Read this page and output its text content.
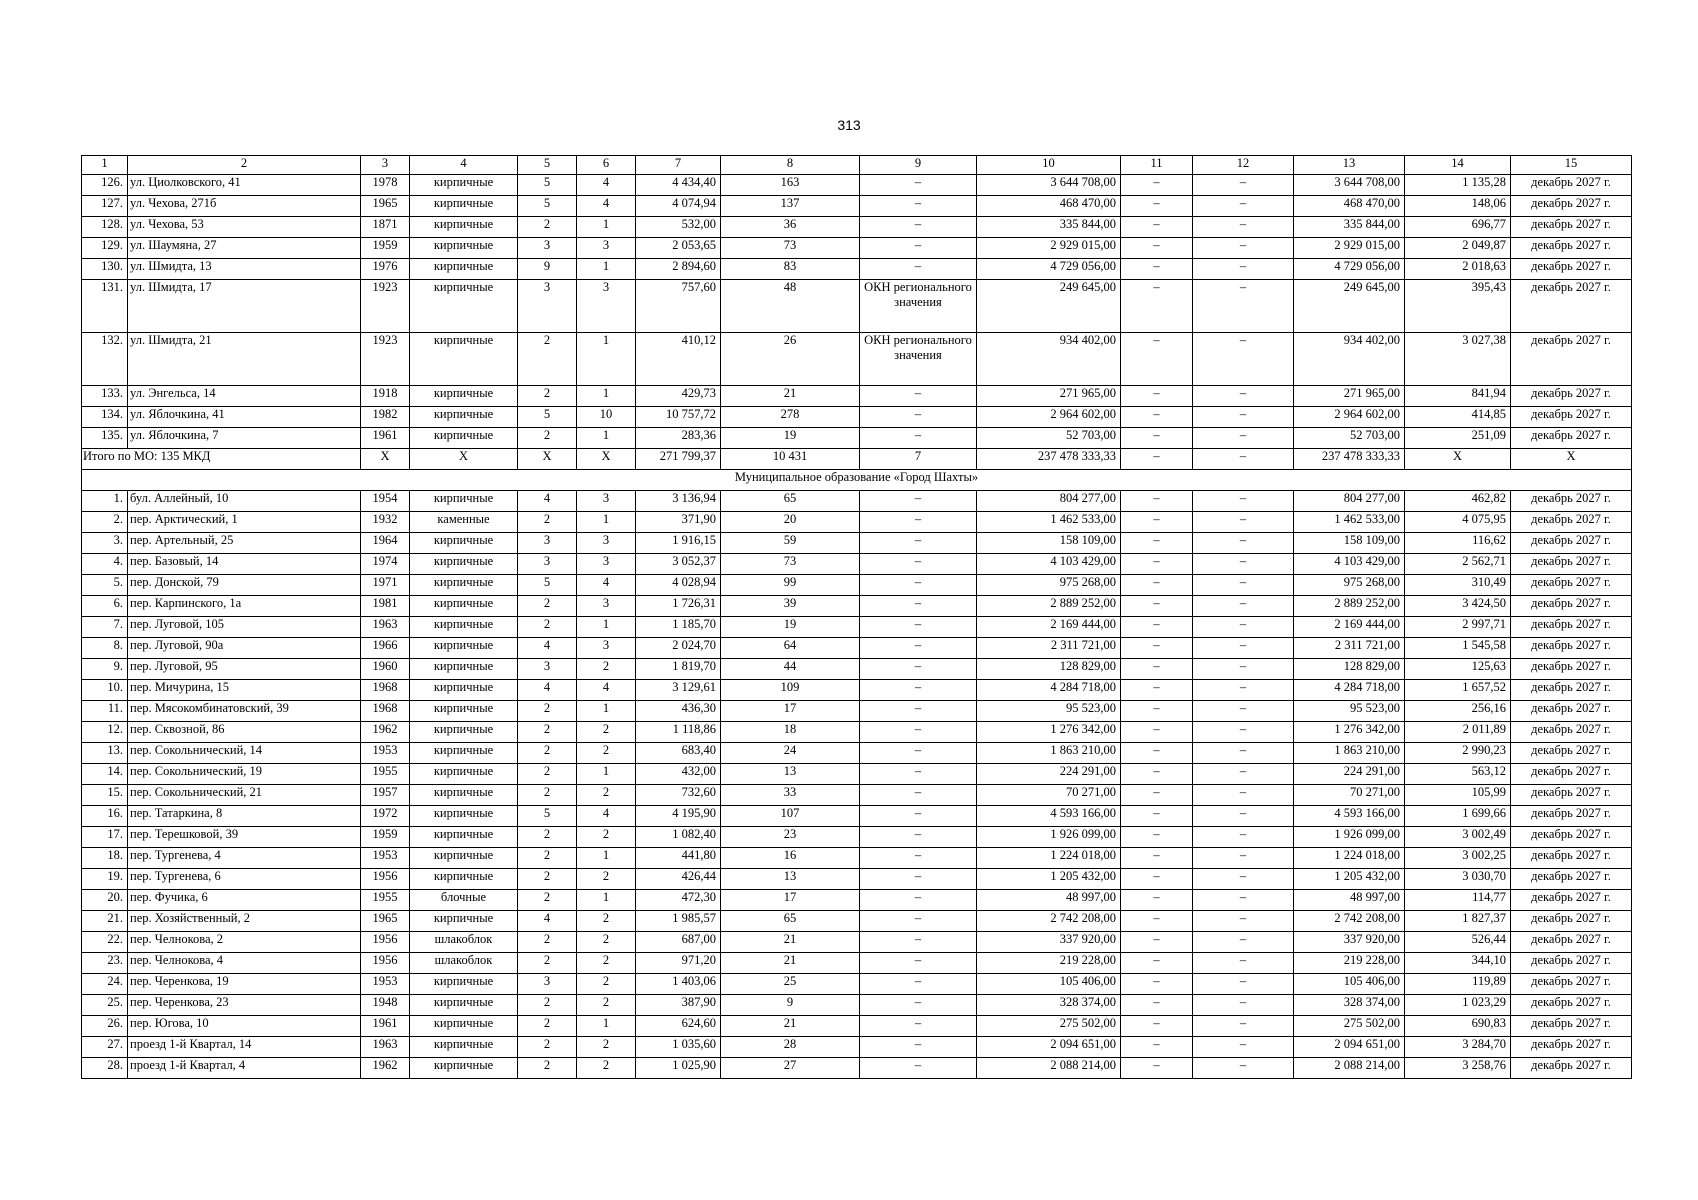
313
1	2	3	4	5	6	7	8	9	10	11	12	13	14	15
126.	ул. Циолковского, 41	1978	кирпичные	5	4	4 434,40	163	–	3 644 708,00	–	–	3 644 708,00	1 135,28	декабрь 2027 г.
127.	ул. Чехова, 271б	1965	кирпичные	5	4	4 074,94	137	–	468 470,00	–	–	468 470,00	148,06	декабрь 2027 г.
128.	ул. Чехова, 53	1871	кирпичные	2	1	532,00	36	–	335 844,00	–	–	335 844,00	696,77	декабрь 2027 г.
129.	ул. Шаумяна, 27	1959	кирпичные	3	3	2 053,65	73	–	2 929 015,00	–	–	2 929 015,00	2 049,87	декабрь 2027 г.
130.	ул. Шмидта, 13	1976	кирпичные	9	1	2 894,60	83	–	4 729 056,00	–	–	4 729 056,00	2 018,63	декабрь 2027 г.
131.	ул. Шмидта, 17	1923	кирпичные	3	3	757,60	48	ОКН регионального значения	249 645,00	–	–	249 645,00	395,43	декабрь 2027 г.
132.	ул. Шмидта, 21	1923	кирпичные	2	1	410,12	26	ОКН регионального значения	934 402,00	–	–	934 402,00	3 027,38	декабрь 2027 г.
133.	ул. Энгельса, 14	1918	кирпичные	2	1	429,73	21	–	271 965,00	–	–	271 965,00	841,94	декабрь 2027 г.
134.	ул. Яблочкина, 41	1982	кирпичные	5	10	10 757,72	278	–	2 964 602,00	–	–	2 964 602,00	414,85	декабрь 2027 г.
135.	ул. Яблочкина, 7	1961	кирпичные	2	1	283,36	19	–	52 703,00	–	–	52 703,00	251,09	декабрь 2027 г.
Итого по МО: 135 МКД		Х	Х	Х	Х	271 799,37	10 431	7	237 478 333,33	–	–	237 478 333,33	Х	Х
Муниципальное образование «Город Шахты»														
1.	бул. Аллейный, 10	1954	кирпичные	4	3	3 136,94	65	–	804 277,00	–	–	804 277,00	462,82	декабрь 2027 г.
2.	пер. Арктический, 1	1932	каменные	2	1	371,90	20	–	1 462 533,00	–	–	1 462 533,00	4 075,95	декабрь 2027 г.
3.	пер. Артельный, 25	1964	кирпичные	3	3	1 916,15	59	–	158 109,00	–	–	158 109,00	116,62	декабрь 2027 г.
4.	пер. Базовый, 14	1974	кирпичные	3	3	3 052,37	73	–	4 103 429,00	–	–	4 103 429,00	2 562,71	декабрь 2027 г.
5.	пер. Донской, 79	1971	кирпичные	5	4	4 028,94	99	–	975 268,00	–	–	975 268,00	310,49	декабрь 2027 г.
6.	пер. Карпинского, 1а	1981	кирпичные	2	3	1 726,31	39	–	2 889 252,00	–	–	2 889 252,00	3 424,50	декабрь 2027 г.
7.	пер. Луговой, 105	1963	кирпичные	2	1	1 185,70	19	–	2 169 444,00	–	–	2 169 444,00	2 997,71	декабрь 2027 г.
8.	пер. Луговой, 90а	1966	кирпичные	4	3	2 024,70	64	–	2 311 721,00	–	–	2 311 721,00	1 545,58	декабрь 2027 г.
9.	пер. Луговой, 95	1960	кирпичные	3	2	1 819,70	44	–	128 829,00	–	–	128 829,00	125,63	декабрь 2027 г.
10.	пер. Мичурина, 15	1968	кирпичные	4	4	3 129,61	109	–	4 284 718,00	–	–	4 284 718,00	1 657,52	декабрь 2027 г.
11.	пер. Мясокомбинатовский, 39	1968	кирпичные	2	1	436,30	17	–	95 523,00	–	–	95 523,00	256,16	декабрь 2027 г.
12.	пер. Сквозной, 86	1962	кирпичные	2	2	1 118,86	18	–	1 276 342,00	–	–	1 276 342,00	2 011,89	декабрь 2027 г.
13.	пер. Сокольнический, 14	1953	кирпичные	2	2	683,40	24	–	1 863 210,00	–	–	1 863 210,00	2 990,23	декабрь 2027 г.
14.	пер. Сокольнический, 19	1955	кирпичные	2	1	432,00	13	–	224 291,00	–	–	224 291,00	563,12	декабрь 2027 г.
15.	пер. Сокольнический, 21	1957	кирпичные	2	2	732,60	33	–	70 271,00	–	–	70 271,00	105,99	декабрь 2027 г.
16.	пер. Татаркина, 8	1972	кирпичные	5	4	4 195,90	107	–	4 593 166,00	–	–	4 593 166,00	1 699,66	декабрь 2027 г.
17.	пер. Терешковой, 39	1959	кирпичные	2	2	1 082,40	23	–	1 926 099,00	–	–	1 926 099,00	3 002,49	декабрь 2027 г.
18.	пер. Тургенева, 4	1953	кирпичные	2	1	441,80	16	–	1 224 018,00	–	–	1 224 018,00	3 002,25	декабрь 2027 г.
19.	пер. Тургенева, 6	1956	кирпичные	2	2	426,44	13	–	1 205 432,00	–	–	1 205 432,00	3 030,70	декабрь 2027 г.
20.	пер. Фучика, 6	1955	блочные	2	1	472,30	17	–	48 997,00	–	–	48 997,00	114,77	декабрь 2027 г.
21.	пер. Хозяйственный, 2	1965	кирпичные	4	2	1 985,57	65	–	2 742 208,00	–	–	2 742 208,00	1 827,37	декабрь 2027 г.
22.	пер. Челнокова, 2	1956	шлакоблок	2	2	687,00	21	–	337 920,00	–	–	337 920,00	526,44	декабрь 2027 г.
23.	пер. Челнокова, 4	1956	шлакоблок	2	2	971,20	21	–	219 228,00	–	–	219 228,00	344,10	декабрь 2027 г.
24.	пер. Черенкова, 19	1953	кирпичные	3	2	1 403,06	25	–	105 406,00	–	–	105 406,00	119,89	декабрь 2027 г.
25.	пер. Черенкова, 23	1948	кирпичные	2	2	387,90	9	–	328 374,00	–	–	328 374,00	1 023,29	декабрь 2027 г.
26.	пер. Югова, 10	1961	кирпичные	2	1	624,60	21	–	275 502,00	–	–	275 502,00	690,83	декабрь 2027 г.
27.	проезд 1-й Квартал, 14	1963	кирпичные	2	2	1 035,60	28	–	2 094 651,00	–	–	2 094 651,00	3 284,70	декабрь 2027 г.
28.	проезд 1-й Квартал, 4	1962	кирпичные	2	2	1 025,90	27	–	2 088 214,00	–	–	2 088 214,00	3 258,76	декабрь 2027 г.
